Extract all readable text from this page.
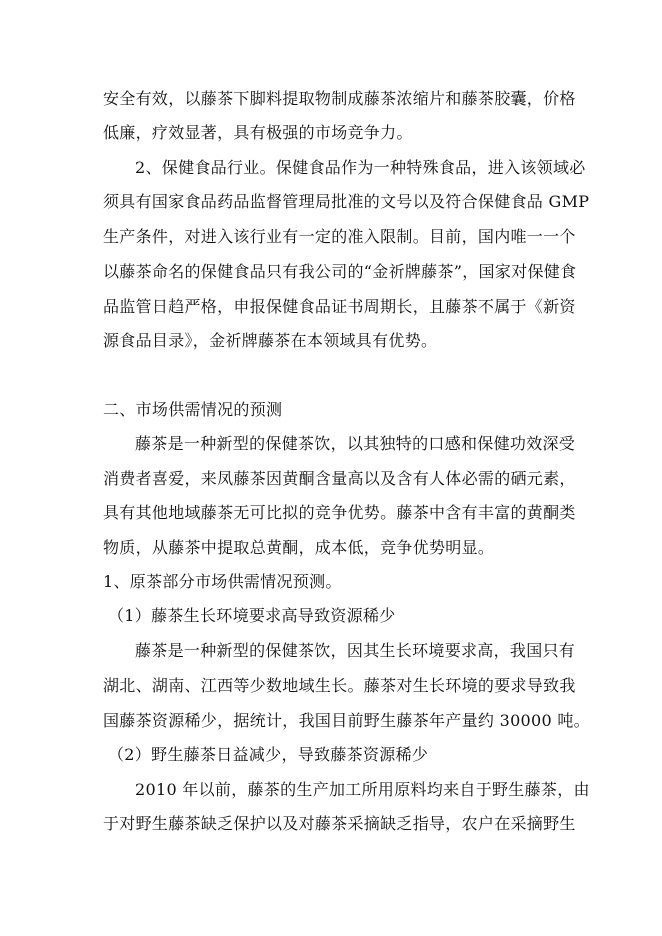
安全有效，以藤茶下脚料提取物制成藤茶浓缩片和藤茶胶囊，价格

低廉，疗效显著，具有极强的市场竞争力。

2、保健食品行业。保健食品作为一种特殊食品，进入该领域必

须具有国家食品药品监督管理局批准的文号以及符合保健食品 GMP

生产条件，对进入该行业有一定的准入限制。目前，国内唯一一个

以藤茶命名的保健食品只有我公司的“金祈牌藤茶”，国家对保健食

品监管日趋严格，申报保健食品证书周期长，且藤茶不属于《新资

源食品目录》，金祈牌藤茶在本领域具有优势。

二、市场供需情况的预测

藤茶是一种新型的保健茶饮，以其独特的口感和保健功效深受

消费者喜爱，来凤藤茶因黄酮含量高以及含有人体必需的硒元素，

具有其他地域藤茶无可比拟的竞争优势。藤茶中含有丰富的黄酮类

物质，从藤茶中提取总黄酮，成本低，竞争优势明显。

1、原茶部分市场供需情况预测。

（1）藤茶生长环境要求高导致资源稀少

藤茶是一种新型的保健茶饮，因其生长环境要求高，我国只有

湖北、湖南、江西等少数地域生长。藤茶对生长环境的要求导致我

国藤茶资源稀少，据统计，我国目前野生藤茶年产量约 30000 吨。

（2）野生藤茶日益减少，导致藤茶资源稀少

2010 年以前，藤茶的生产加工所用原料均来自于野生藤茶，由

于对野生藤茶缺乏保护以及对藤茶采摘缺乏指导，农户在采摘野生
